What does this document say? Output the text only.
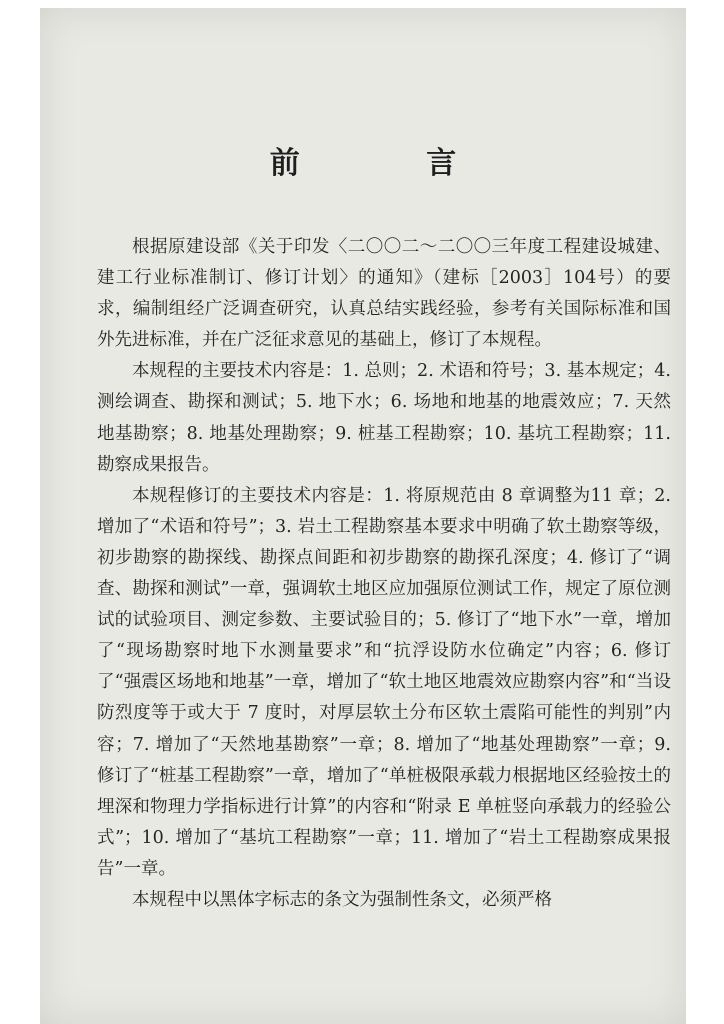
前 言

根据原建设部《关于印发〈二〇〇二～二〇〇三年度工程建设城建、建工行业标准制订、修订计划〉的通知》（建标［2003］104号）的要求，编制组经广泛调查研究，认真总结实践经验，参考有关国际标准和国外先进标准，并在广泛征求意见的基础上，修订了本规程。

本规程的主要技术内容是：1. 总则；2. 术语和符号；3. 基本规定；4. 测绘调查、勘探和测试；5. 地下水；6. 场地和地基的地震效应；7. 天然地基勘察；8. 地基处理勘察；9. 桩基工程勘察；10. 基坑工程勘察；11. 勘察成果报告。

本规程修订的主要技术内容是：1. 将原规范由 8 章调整为11 章；2. 增加了“术语和符号”；3. 岩土工程勘察基本要求中明确了软土勘察等级，初步勘察的勘探线、勘探点间距和初步勘察的勘探孔深度；4. 修订了“调查、勘探和测试”一章，强调软土地区应加强原位测试工作，规定了原位测试的试验项目、测定参数、主要试验目的；5. 修订了“地下水”一章，增加了“现场勘察时地下水测量要求”和“抗浮设防水位确定”内容；6. 修订了“强震区场地和地基”一章，增加了“软土地区地震效应勘察内容”和“当设防烈度等于或大于 7 度时，对厚层软土分布区软土震陷可能性的判别”内容；7. 增加了“天然地基勘察”一章；8. 增加了“地基处理勘察”一章；9. 修订了“桩基工程勘察”一章，增加了“单桩极限承载力根据地区经验按土的埋深和物理力学指标进行计算”的内容和“附录 E 单桩竖向承载力的经验公式”；10. 增加了“基坑工程勘察”一章；11. 增加了“岩土工程勘察成果报告”一章。

本规程中以黑体字标志的条文为强制性条文，必须严格
